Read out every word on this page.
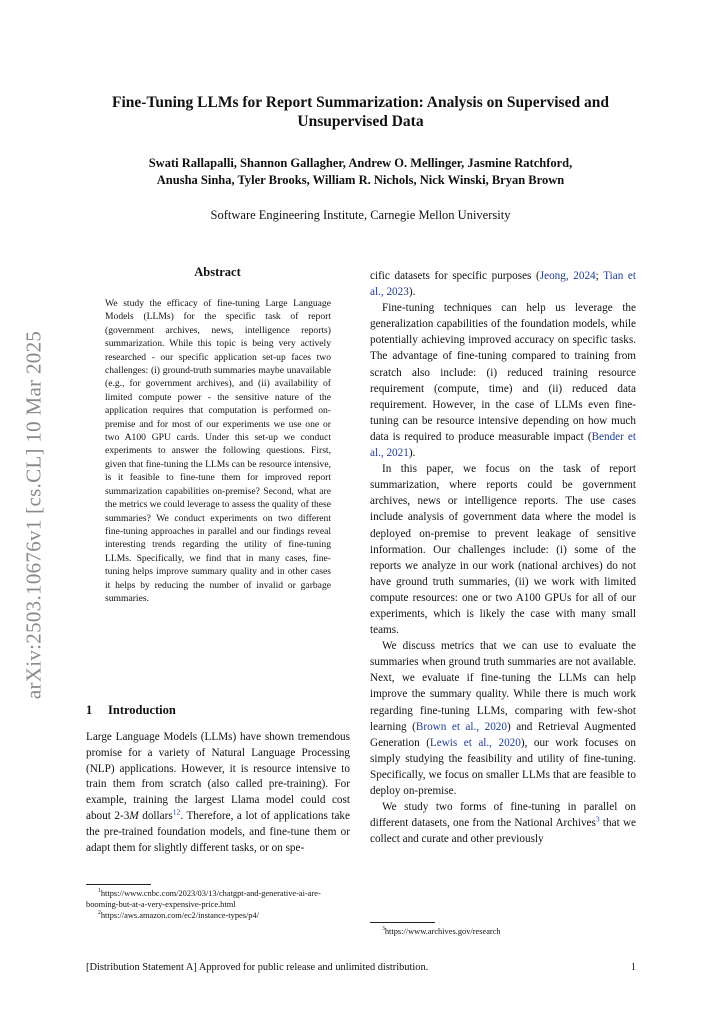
arXiv:2503.10676v1 [cs.CL] 10 Mar 2025
Fine-Tuning LLMs for Report Summarization: Analysis on Supervised and Unsupervised Data
Swati Rallapalli, Shannon Gallagher, Andrew O. Mellinger, Jasmine Ratchford,
Anusha Sinha, Tyler Brooks, William R. Nichols, Nick Winski, Bryan Brown
Software Engineering Institute, Carnegie Mellon University
Abstract
We study the efficacy of fine-tuning Large Language Models (LLMs) for the specific task of report (government archives, news, intelligence reports) summarization. While this topic is being very actively researched - our specific application set-up faces two challenges: (i) ground-truth summaries maybe unavailable (e.g., for government archives), and (ii) availability of limited compute power - the sensitive nature of the application requires that computation is performed on-premise and for most of our experiments we use one or two A100 GPU cards. Under this set-up we conduct experiments to answer the following questions. First, given that fine-tuning the LLMs can be resource intensive, is it feasible to fine-tune them for improved report summarization capabilities on-premise? Second, what are the metrics we could leverage to assess the quality of these summaries? We conduct experiments on two different fine-tuning approaches in parallel and our findings reveal interesting trends regarding the utility of fine-tuning LLMs. Specifically, we find that in many cases, fine-tuning helps improve summary quality and in other cases it helps by reducing the number of invalid or garbage summaries.
1 Introduction

Large Language Models (LLMs) have shown tremendous promise for a variety of Natural Language Processing (NLP) applications. However, it is resource intensive to train them from scratch (also called pre-training). For example, training the largest Llama model could cost about 2-3M dollars$^{12}$. Therefore, a lot of applications take the pre-trained foundation models, and fine-tune them or adapt them for slightly different tasks, or on spe-

$^1$https://www.cnbc.com/2023/03/13/chatgpt-and-generative-ai-are-booming-but-at-a-very-expensive-price.html

$^2$https://aws.amazon.com/ec2/instance-types/p4/

cific datasets for specific purposes (Jeong, 2024; Tian et al., 2023).

Fine-tuning techniques can help us leverage the generalization capabilities of the foundation models, while potentially achieving improved accuracy on specific tasks. The advantage of fine-tuning compared to training from scratch also include: (i) reduced training resource requirement (compute, time) and (ii) reduced data requirement. However, in the case of LLMs even fine-tuning can be resource intensive depending on how much data is required to produce measurable impact (Bender et al., 2021).

In this paper, we focus on the task of report summarization, where reports could be government archives, news or intelligence reports. The use cases include analysis of government data where the model is deployed on-premise to prevent leakage of sensitive information. Our challenges include: (i) some of the reports we analyze in our work (national archives) do not have ground truth summaries, (ii) we work with limited compute resources: one or two A100 GPUs for all of our experiments, which is likely the case with many small teams.

We discuss metrics that we can use to evaluate the summaries when ground truth summaries are not available. Next, we evaluate if fine-tuning the LLMs can help improve the summary quality. While there is much work regarding fine-tuning LLMs, comparing with few-shot learning (Brown et al., 2020) and Retrieval Augmented Generation (Lewis et al., 2020), our work focuses on simply studying the feasibility and utility of fine-tuning. Specifically, we focus on smaller LLMs that are feasible to deploy on-premise.

We study two forms of fine-tuning in parallel on different datasets, one from the National Archives$^3$ that we collect and curate and other previously

$^3$https://www.archives.gov/research

[Distribution Statement A] Approved for public release and unlimited distribution.	1
